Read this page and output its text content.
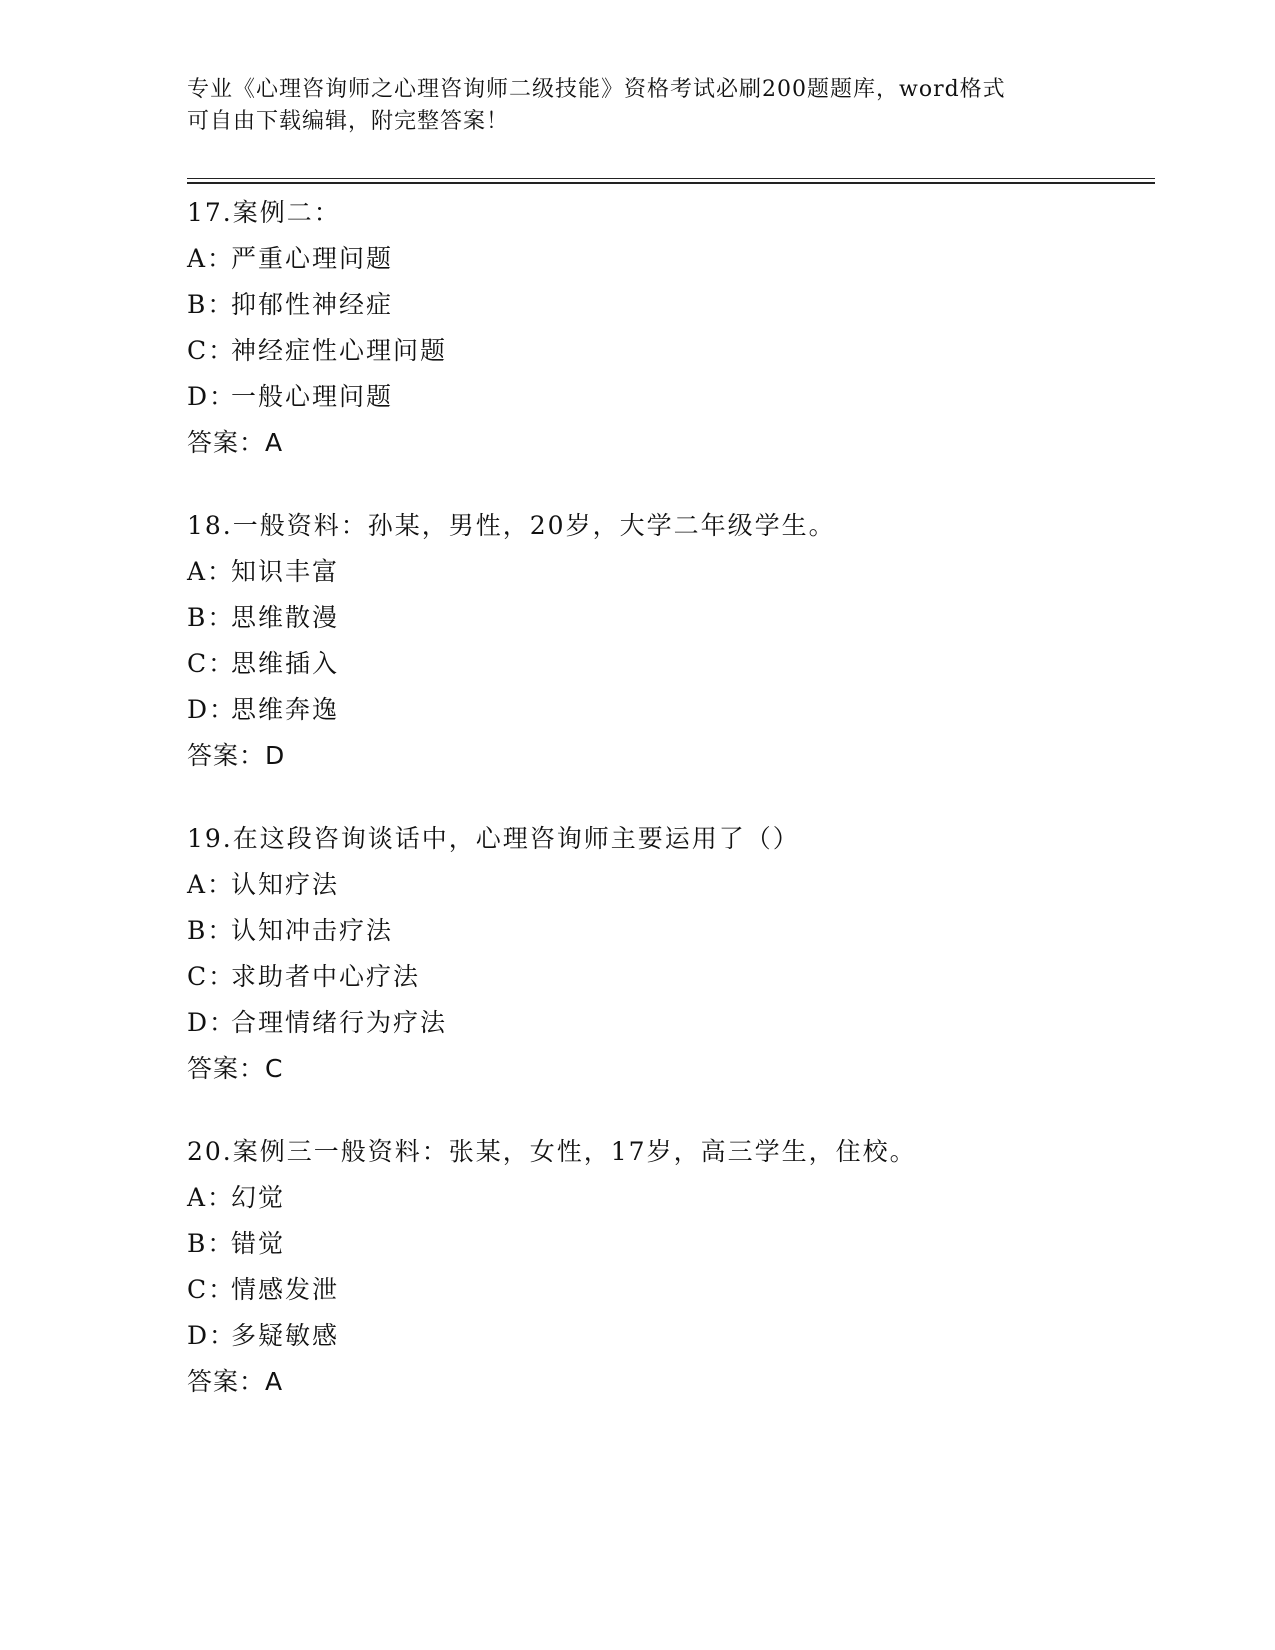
专业《心理咨询师之心理咨询师二级技能》资格考试必刷200题题库，word格式
可自由下载编辑，附完整答案！
17.案例二：
A：严重心理问题
B：抑郁性神经症
C：神经症性心理问题
D：一般心理问题
答案：A
18.一般资料：孙某，男性，20岁，大学二年级学生。
A：知识丰富
B：思维散漫
C：思维插入
D：思维奔逸
答案：D
19.在这段咨询谈话中，心理咨询师主要运用了（）
A：认知疗法
B：认知冲击疗法
C：求助者中心疗法
D：合理情绪行为疗法
答案：C
20.案例三一般资料：张某，女性，17岁，高三学生，住校。
A：幻觉
B：错觉
C：情感发泄
D：多疑敏感
答案：A
